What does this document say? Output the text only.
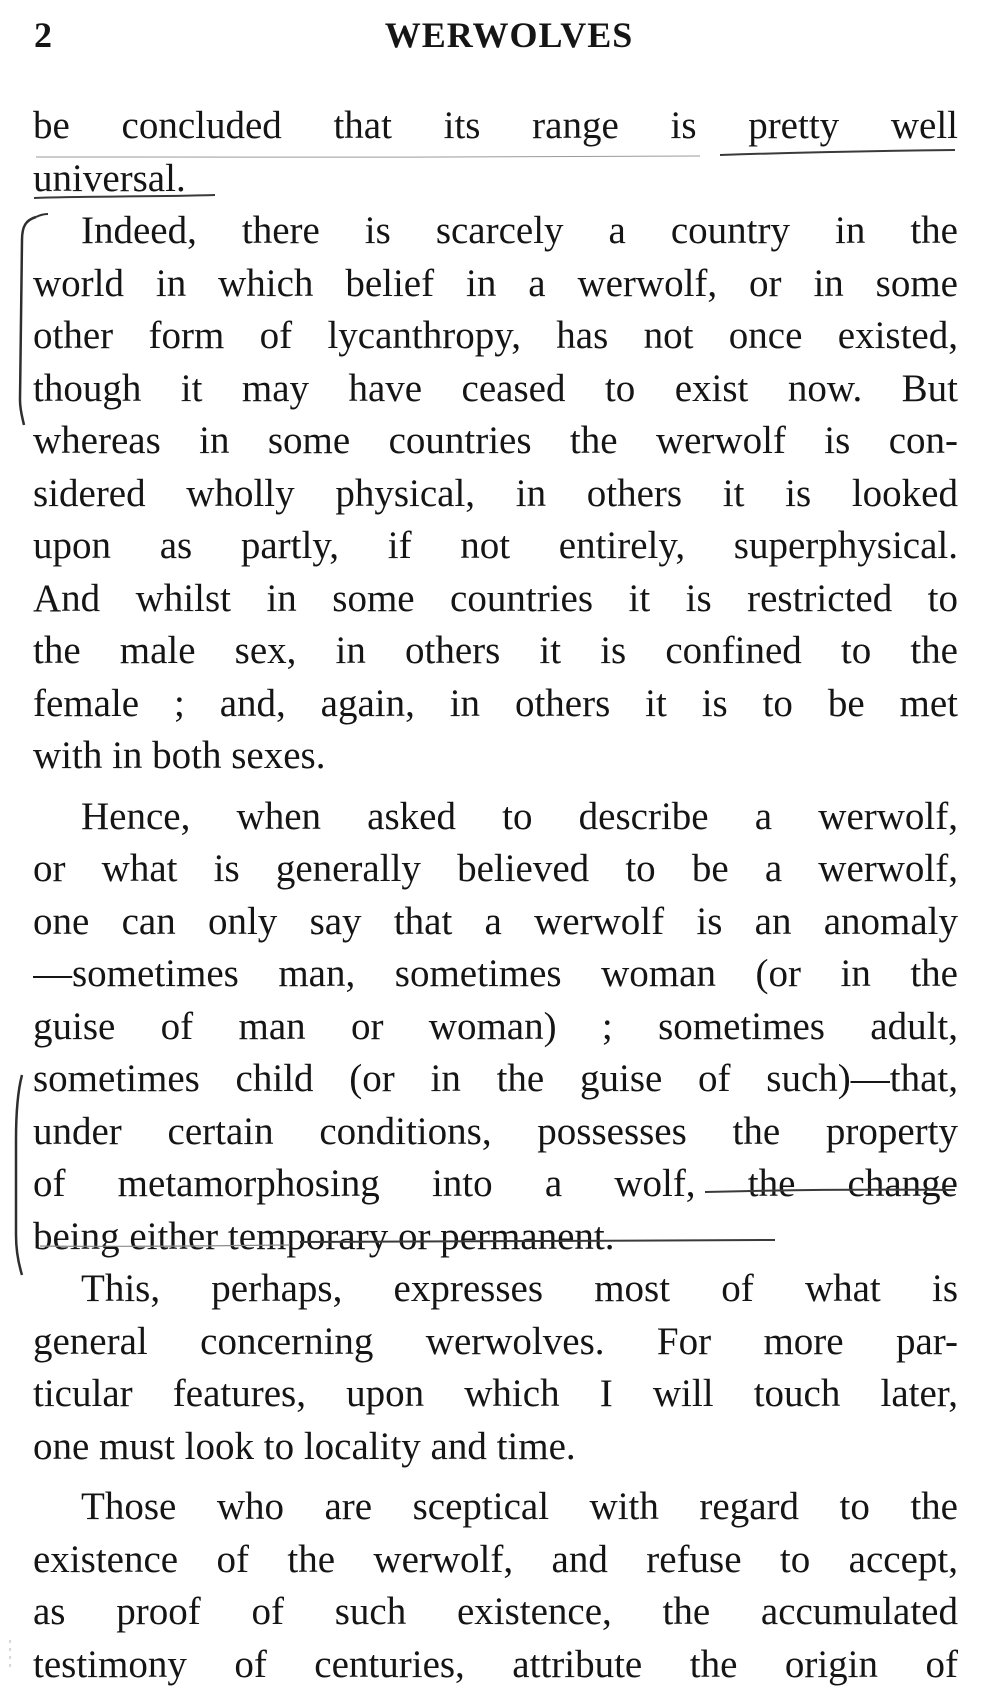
2	WERWOLVES

be concluded that its range is pretty well
universal.

Indeed, there is scarcely a country in the
world in which belief in a werwolf, or in some
other form of lycanthropy, has not once existed,
though it may have ceased to exist now. But
whereas in some countries the werwolf is con-
sidered wholly physical, in others it is looked
upon as partly, if not entirely, superphysical.
And whilst in some countries it is restricted to
the male sex, in others it is confined to the
female ; and, again, in others it is to be met
with in both sexes.

Hence, when asked to describe a werwolf,
or what is generally believed to be a werwolf,
one can only say that a werwolf is an anomaly
—sometimes man, sometimes woman (or in the
guise of man or woman) ; sometimes adult,
sometimes child (or in the guise of such)—that,
under certain conditions, possesses the property
of metamorphosing into a wolf, the change
being either temporary or permanent.

This, perhaps, expresses most of what is
general concerning werwolves. For more par-
ticular features, upon which I will touch later,
one must look to locality and time.

Those who are sceptical with regard to the
existence of the werwolf, and refuse to accept,
as proof of such existence, the accumulated
testimony of centuries, attribute the origin of
